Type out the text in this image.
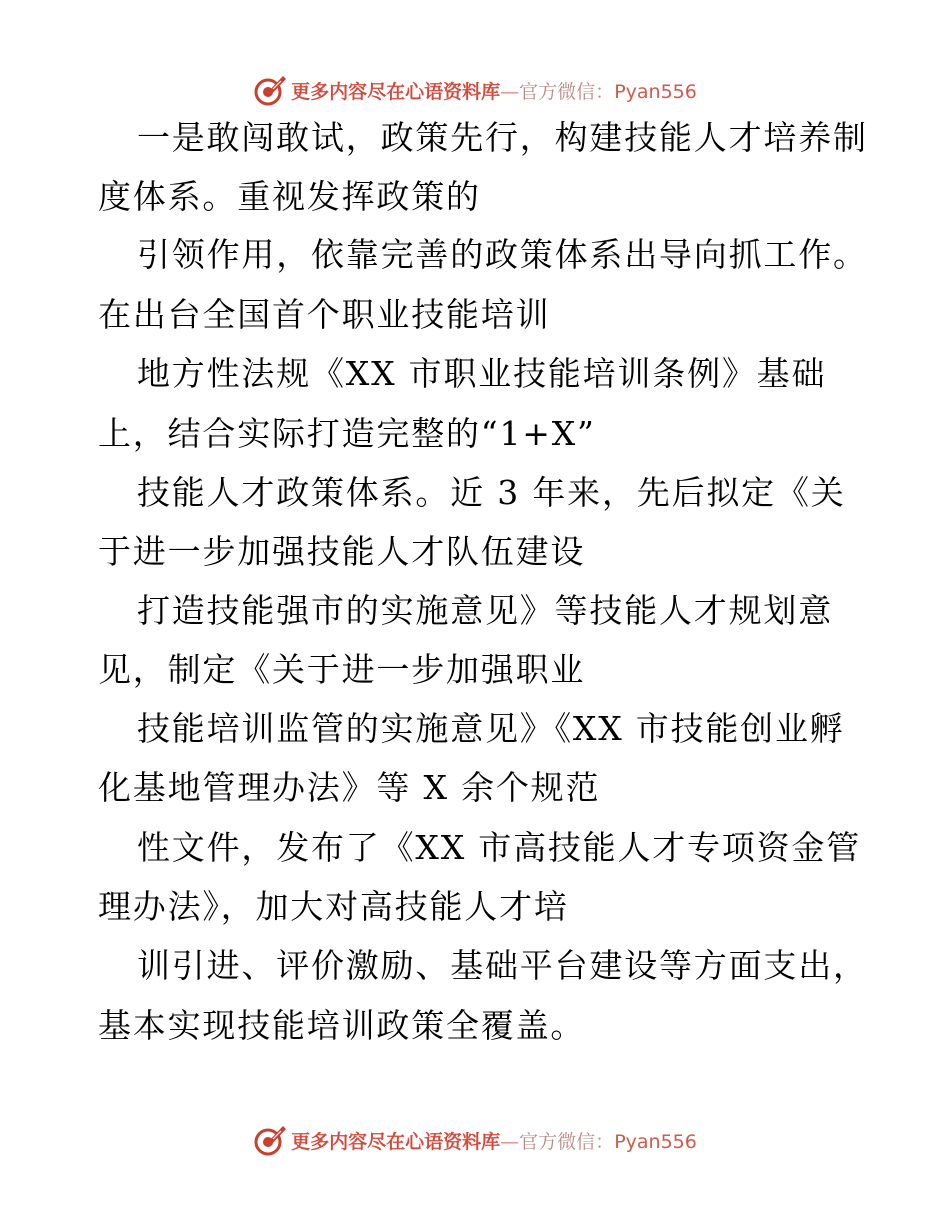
更多内容尽在心语资料库—官方微信：Pyan556
一是敢闯敢试，政策先行，构建技能人才培养制
度体系。重视发挥政策的
引领作用，依靠完善的政策体系出导向抓工作。
在出台全国首个职业技能培训
地方性法规《XX 市职业技能培训条例》基础
上，结合实际打造完整的“1+X”
技能人才政策体系。近 3 年来，先后拟定《关
于进一步加强技能人才队伍建设
打造技能强市的实施意见》等技能人才规划意
见，制定《关于进一步加强职业
技能培训监管的实施意见》《XX 市技能创业孵
化基地管理办法》等 X 余个规范
性文件，发布了《XX 市高技能人才专项资金管
理办法》，加大对高技能人才培
训引进、评价激励、基础平台建设等方面支出，
基本实现技能培训政策全覆盖。
更多内容尽在心语资料库—官方微信：Pyan556
